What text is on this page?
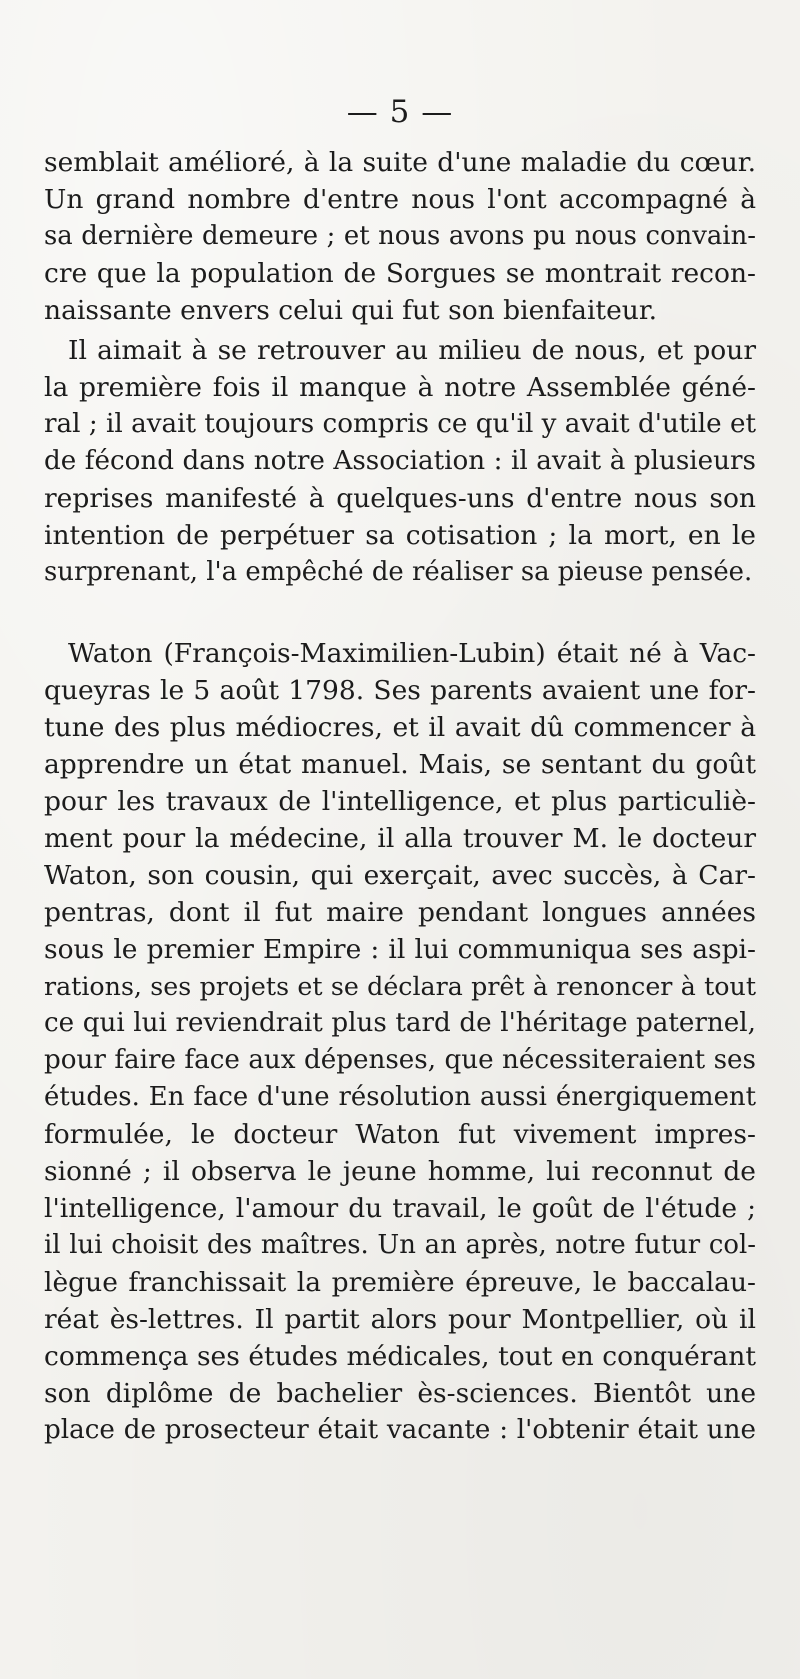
— 5 —
semblait amélioré, à la suite d'une maladie du cœur.
Un grand nombre d'entre nous l'ont accompagné à
sa dernière demeure ; et nous avons pu nous convain-
cre que la population de Sorgues se montrait recon-
naissante envers celui qui fut son bienfaiteur.
Il aimait à se retrouver au milieu de nous, et pour
la première fois il manque à notre Assemblée géné-
ral ; il avait toujours compris ce qu'il y avait d'utile et
de fécond dans notre Association : il avait à plusieurs
reprises manifesté à quelques-uns d'entre nous son
intention de perpétuer sa cotisation ; la mort, en le
surprenant, l'a empêché de réaliser sa pieuse pensée.
Waton (François-Maximilien-Lubin) était né à Vac-
queyras le 5 août 1798. Ses parents avaient une for-
tune des plus médiocres, et il avait dû commencer à
apprendre un état manuel. Mais, se sentant du goût
pour les travaux de l'intelligence, et plus particuliè-
ment pour la médecine, il alla trouver M. le docteur
Waton, son cousin, qui exerçait, avec succès, à Car-
pentras, dont il fut maire pendant longues années
sous le premier Empire : il lui communiqua ses aspi-
rations, ses projets et se déclara prêt à renoncer à tout
ce qui lui reviendrait plus tard de l'héritage paternel,
pour faire face aux dépenses, que nécessiteraient ses
études. En face d'une résolution aussi énergiquement
formulée, le docteur Waton fut vivement impres-
sionné ; il observa le jeune homme, lui reconnut de
l'intelligence, l'amour du travail, le goût de l'étude ;
il lui choisit des maîtres. Un an après, notre futur col-
lègue franchissait la première épreuve, le baccalau-
réat ès-lettres. Il partit alors pour Montpellier, où il
commença ses études médicales, tout en conquérant
son diplôme de bachelier ès-sciences. Bientôt une
place de prosecteur était vacante : l'obtenir était une
